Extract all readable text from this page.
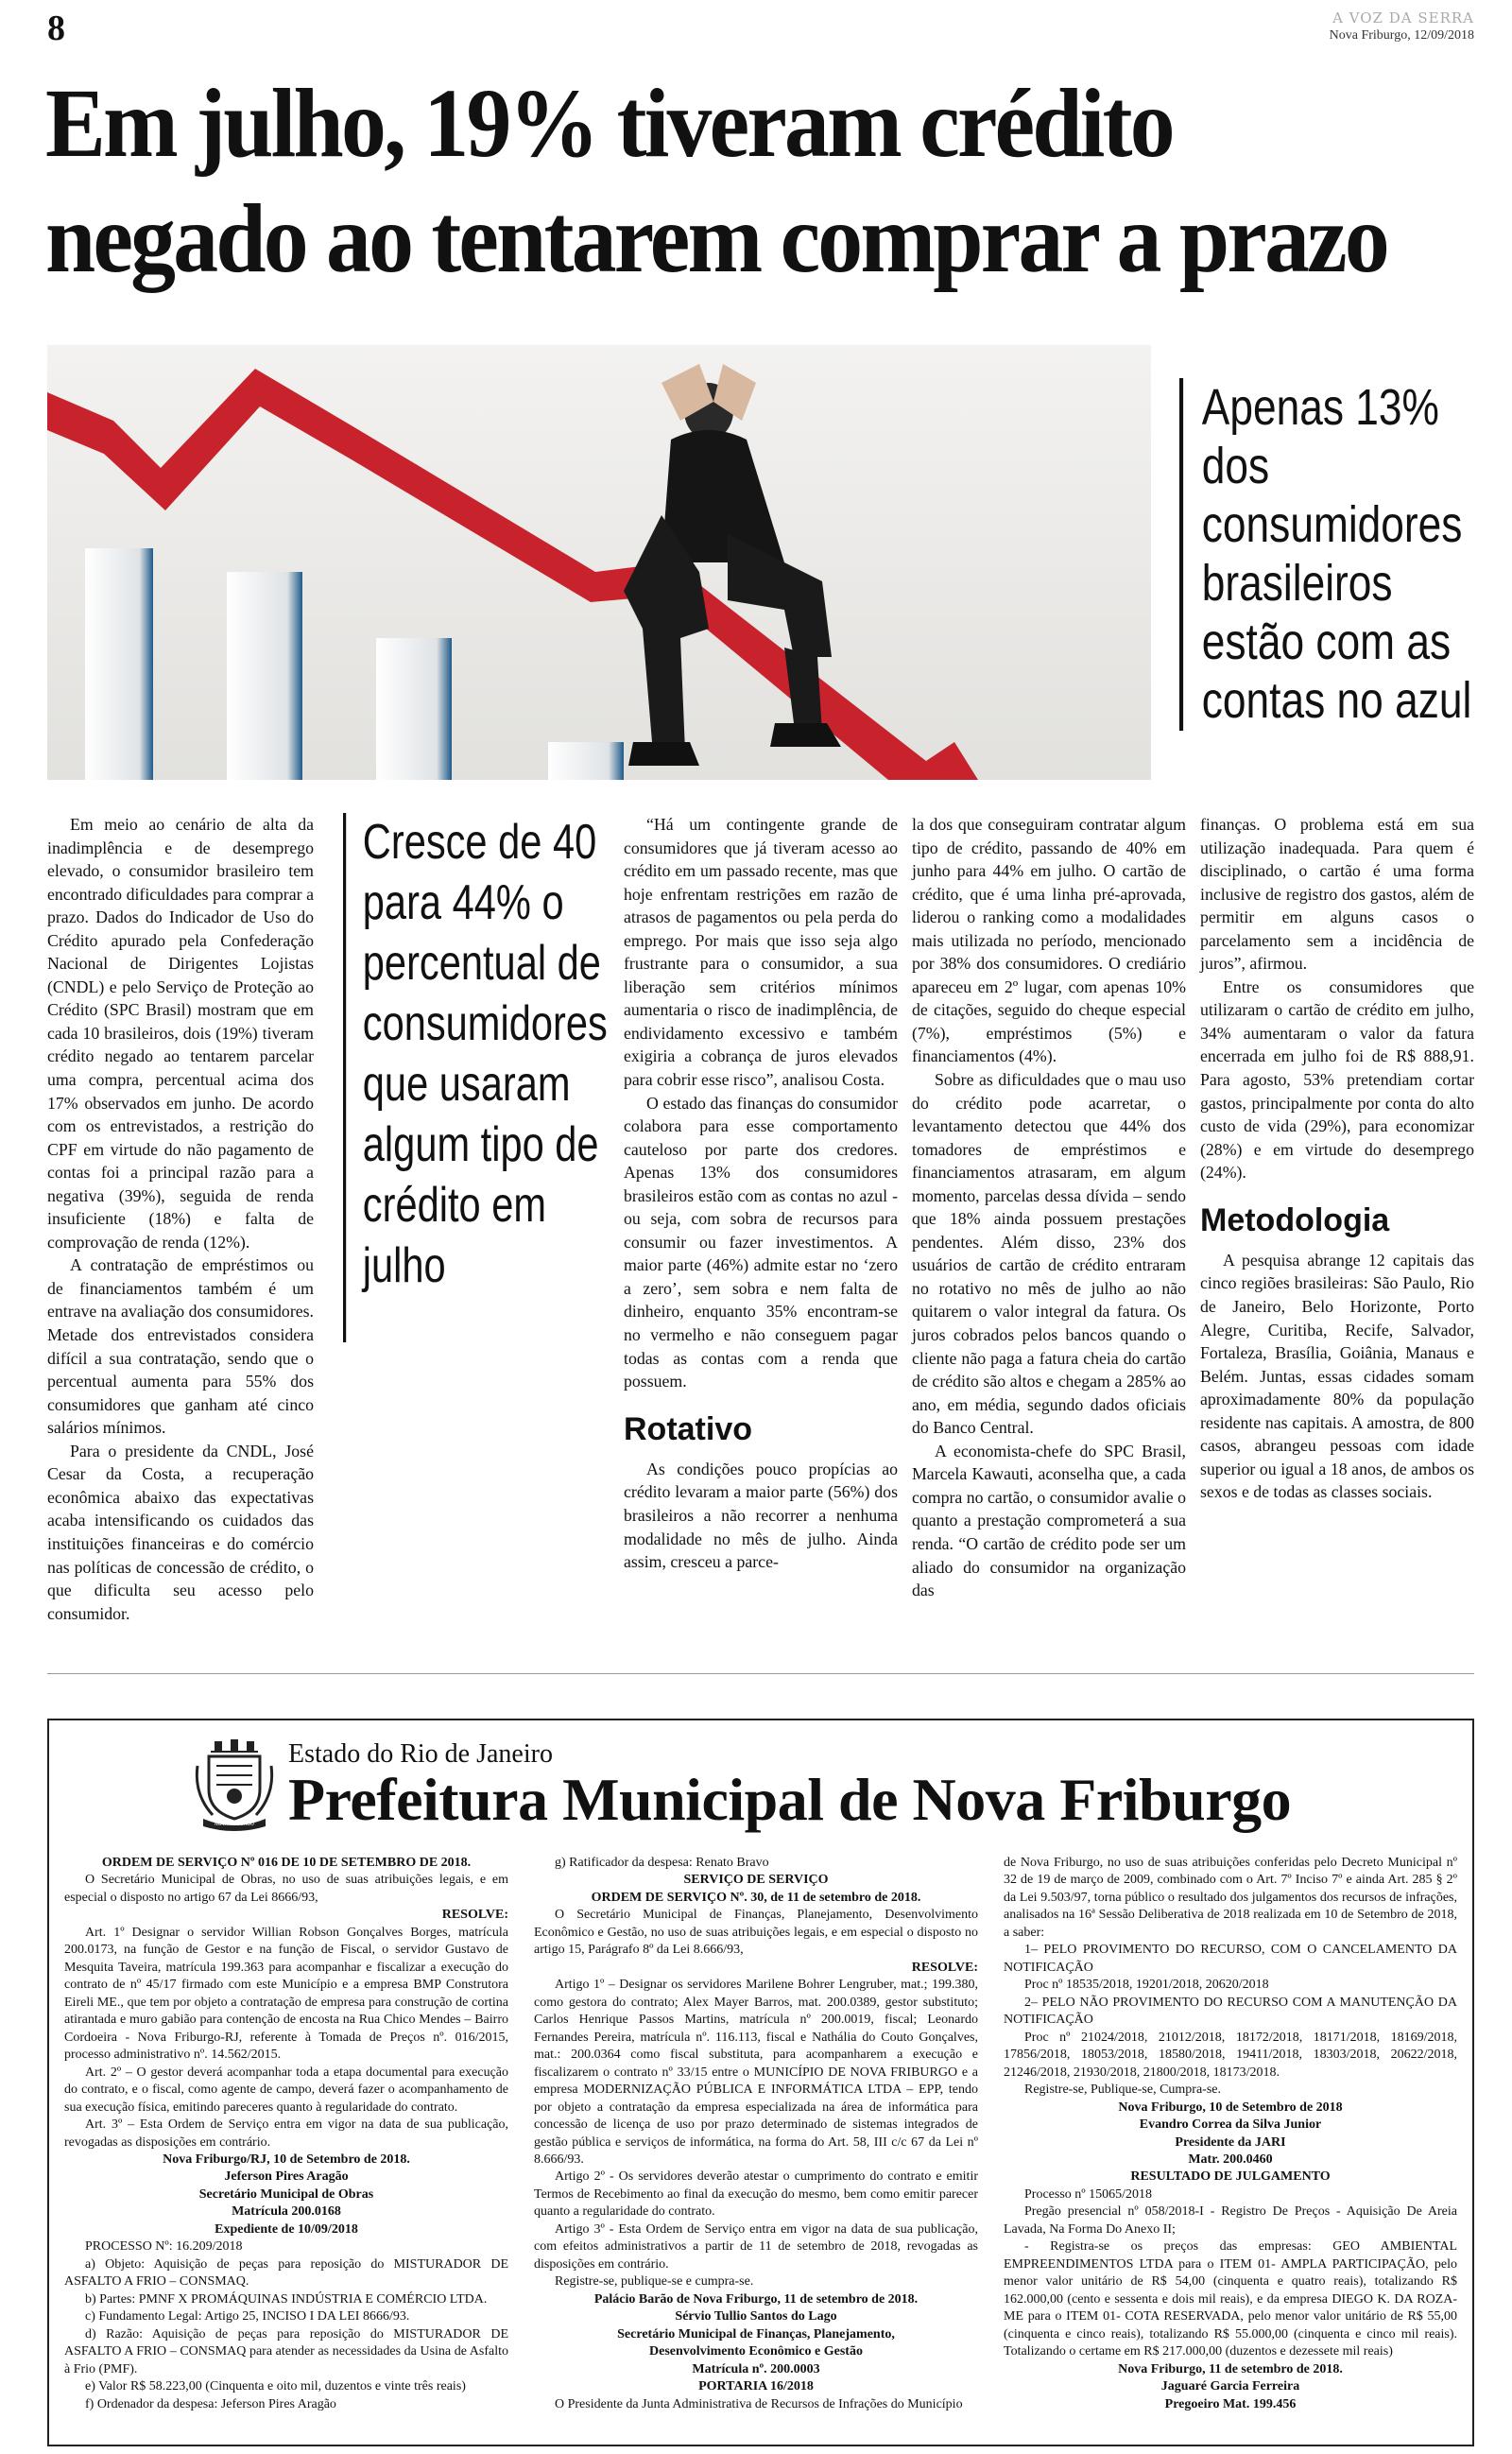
8	A VOZ DA SERRA
Nova Friburgo, 12/09/2018
Em julho, 19% tiveram crédito
negado ao tentarem comprar a prazo
Apenas 13% dos consumidores brasileiros estão com as contas no azul

Em meio ao cenário de alta da inadimplência e de desemprego elevado, o consumidor brasileiro tem encontrado dificuldades para comprar a prazo. Dados do Indicador de Uso do Crédito apurado pela Confederação Nacional de Dirigentes Lojistas (CNDL) e pelo Serviço de Proteção ao Crédito (SPC Brasil) mostram que em cada 10 brasileiros, dois (19%) tiveram crédito negado ao tentarem parcelar uma compra, percentual acima dos 17% observados em junho. De acordo com os entrevistados, a restrição do CPF em virtude do não pagamento de contas foi a principal razão para a negativa (39%), seguida de renda insuficiente (18%) e falta de comprovação de renda (12%).

A contratação de empréstimos ou de financiamentos também é um entrave na avaliação dos consumidores. Metade dos entrevistados considera difícil a sua contratação, sendo que o percentual aumenta para 55% dos consumidores que ganham até cinco salários mínimos.

Para o presidente da CNDL, José Cesar da Costa, a recuperação econômica abaixo das expectativas acaba intensificando os cuidados das instituições financeiras e do comércio nas políticas de concessão de crédito, o que dificulta seu acesso pelo consumidor.

Cresce de 40 para 44% o percentual de consumidores que usaram algum tipo de crédito em julho

“Há um contingente grande de consumidores que já tiveram acesso ao crédito em um passado recente, mas que hoje enfrentam restrições em razão de atrasos de pagamentos ou pela perda do emprego. Por mais que isso seja algo frustrante para o consumidor, a sua liberação sem critérios mínimos aumentaria o risco de inadimplência, de endividamento excessivo e também exigiria a cobrança de juros elevados para cobrir esse risco”, analisou Costa.

O estado das finanças do consumidor colabora para esse comportamento cauteloso por parte dos credores. Apenas 13% dos consumidores brasileiros estão com as contas no azul - ou seja, com sobra de recursos para consumir ou fazer investimentos. A maior parte (46%) admite estar no ‘zero a zero’, sem sobra e nem falta de dinheiro, enquanto 35% encontram-se no vermelho e não conseguem pagar todas as contas com a renda que possuem.

Rotativo

As condições pouco propícias ao crédito levaram a maior parte (56%) dos brasileiros a não recorrer a nenhuma modalidade no mês de julho. Ainda assim, cresceu a parce-

la dos que conseguiram contratar algum tipo de crédito, passando de 40% em junho para 44% em julho. O cartão de crédito, que é uma linha pré-aprovada, liderou o ranking como a modalidades mais utilizada no período, mencionado por 38% dos consumidores. O crediário apareceu em 2º lugar, com apenas 10% de citações, seguido do cheque especial (7%), empréstimos (5%) e financiamentos (4%).

Sobre as dificuldades que o mau uso do crédito pode acarretar, o levantamento detectou que 44% dos tomadores de empréstimos e financiamentos atrasaram, em algum momento, parcelas dessa dívida – sendo que 18% ainda possuem prestações pendentes. Além disso, 23% dos usuários de cartão de crédito entraram no rotativo no mês de julho ao não quitarem o valor integral da fatura. Os juros cobrados pelos bancos quando o cliente não paga a fatura cheia do cartão de crédito são altos e chegam a 285% ao ano, em média, segundo dados oficiais do Banco Central.

A economista-chefe do SPC Brasil, Marcela Kawauti, aconselha que, a cada compra no cartão, o consumidor avalie o quanto a prestação comprometerá a sua renda. “O cartão de crédito pode ser um aliado do consumidor na organização das

finanças. O problema está em sua utilização inadequada. Para quem é disciplinado, o cartão é uma forma inclusive de registro dos gastos, além de permitir em alguns casos o parcelamento sem a incidência de juros”, afirmou.

Entre os consumidores que utilizaram o cartão de crédito em julho, 34% aumentaram o valor da fatura encerrada em julho foi de R$ 888,91. Para agosto, 53% pretendiam cortar gastos, principalmente por conta do alto custo de vida (29%), para economizar (28%) e em virtude do desemprego (24%).

Metodologia

A pesquisa abrange 12 capitais das cinco regiões brasileiras: São Paulo, Rio de Janeiro, Belo Horizonte, Porto Alegre, Curitiba, Recife, Salvador, Fortaleza, Brasília, Goiânia, Manaus e Belém. Juntas, essas cidades somam aproximadamente 80% da população residente nas capitais. A amostra, de 800 casos, abrangeu pessoas com idade superior ou igual a 18 anos, de ambos os sexos e de todas as classes sociais.

NOVA FRIBURGO
Estado do Rio de Janeiro
Prefeitura Municipal de Nova Friburgo

ORDEM DE SERVIÇO Nº 016 DE 10 DE SETEMBRO DE 2018.

O Secretário Municipal de Obras, no uso de suas atribuições legais, e em especial o disposto no artigo 67 da Lei 8666/93,

RESOLVE:

Art. 1º Designar o servidor Willian Robson Gonçalves Borges, matrícula 200.0173, na função de Gestor e na função de Fiscal, o servidor Gustavo de Mesquita Taveira, matrícula 199.363 para acompanhar e fiscalizar a execução do contrato de nº 45/17 firmado com este Município e a empresa BMP Construtora Eireli ME., que tem por objeto a contratação de empresa para construção de cortina atirantada e muro gabião para contenção de encosta na Rua Chico Mendes – Bairro Cordoeira - Nova Friburgo-RJ, referente à Tomada de Preços nº. 016/2015, processo administrativo nº. 14.562/2015.

Art. 2º – O gestor deverá acompanhar toda a etapa documental para execução do contrato, e o fiscal, como agente de campo, deverá fazer o acompanhamento de sua execução física, emitindo pareceres quanto à regularidade do contrato.

Art. 3º – Esta Ordem de Serviço entra em vigor na data de sua publicação, revogadas as disposições em contrário.

Nova Friburgo/RJ, 10 de Setembro de 2018.

Jeferson Pires Aragão

Secretário Municipal de Obras

Matrícula 200.0168

Expediente de 10/09/2018

PROCESSO Nº: 16.209/2018

a) Objeto: Aquisição de peças para reposição do MISTURADOR DE ASFALTO A FRIO – CONSMAQ.

b) Partes: PMNF X PROMÁQUINAS INDÚSTRIA E COMÉRCIO LTDA.

c) Fundamento Legal: Artigo 25, INCISO I DA LEI 8666/93.

d) Razão: Aquisição de peças para reposição do MISTURADOR DE ASFALTO A FRIO – CONSMAQ para atender as necessidades da Usina de Asfalto à Frio (PMF).

e) Valor R$ 58.223,00 (Cinquenta e oito mil, duzentos e vinte três reais)

f) Ordenador da despesa: Jeferson Pires Aragão

g) Ratificador da despesa: Renato Bravo

SERVIÇO DE SERVIÇO

ORDEM DE SERVIÇO Nº. 30, de 11 de setembro de 2018.

O Secretário Municipal de Finanças, Planejamento, Desenvolvimento Econômico e Gestão, no uso de suas atribuições legais, e em especial o disposto no artigo 15, Parágrafo 8º da Lei 8.666/93,

RESOLVE:

Artigo 1º – Designar os servidores Marilene Bohrer Lengruber, mat.; 199.380, como gestora do contrato; Alex Mayer Barros, mat. 200.0389, gestor substituto; Carlos Henrique Passos Martins, matrícula nº 200.0019, fiscal; Leonardo Fernandes Pereira, matrícula nº. 116.113, fiscal e Nathália do Couto Gonçalves, mat.: 200.0364 como fiscal substituta, para acompanharem a execução e fiscalizarem o contrato nº 33/15 entre o MUNICÍPIO DE NOVA FRIBURGO e a empresa MODERNIZAÇÃO PÚBLICA E INFORMÁTICA LTDA – EPP, tendo por objeto a contratação da empresa especializada na área de informática para concessão de licença de uso por prazo determinado de sistemas integrados de gestão pública e serviços de informática, na forma do Art. 58, III c/c 67 da Lei nº 8.666/93.

Artigo 2º - Os servidores deverão atestar o cumprimento do contrato e emitir Termos de Recebimento ao final da execução do mesmo, bem como emitir parecer quanto a regularidade do contrato.

Artigo 3º - Esta Ordem de Serviço entra em vigor na data de sua publicação, com efeitos administrativos a partir de 11 de setembro de 2018, revogadas as disposições em contrário.

Registre-se, publique-se e cumpra-se.

Palácio Barão de Nova Friburgo, 11 de setembro de 2018.

Sérvio Tullio Santos do Lago

Secretário Municipal de Finanças, Planejamento,

Desenvolvimento Econômico e Gestão

Matrícula nº. 200.0003

PORTARIA 16/2018

O Presidente da Junta Administrativa de Recursos de Infrações do Município

de Nova Friburgo, no uso de suas atribuições conferidas pelo Decreto Municipal nº 32 de 19 de março de 2009, combinado com o Art. 7º Inciso 7º e ainda Art. 285 § 2º da Lei 9.503/97, torna público o resultado dos julgamentos dos recursos de infrações, analisados na 16ª Sessão Deliberativa de 2018 realizada em 10 de Setembro de 2018, a saber:

1– PELO PROVIMENTO DO RECURSO, COM O CANCELAMENTO DA NOTIFICAÇÃO

Proc nº 18535/2018, 19201/2018, 20620/2018

2– PELO NÃO PROVIMENTO DO RECURSO COM A MANUTENÇÃO DA NOTIFICAÇÃO

Proc nº 21024/2018, 21012/2018, 18172/2018, 18171/2018, 18169/2018, 17856/2018, 18053/2018, 18580/2018, 19411/2018, 18303/2018, 20622/2018, 21246/2018, 21930/2018, 21800/2018, 18173/2018.

Registre-se, Publique-se, Cumpra-se.

Nova Friburgo, 10 de Setembro de 2018

Evandro Correa da Silva Junior

Presidente da JARI

Matr. 200.0460

RESULTADO DE JULGAMENTO

Processo nº 15065/2018

Pregão presencial nº 058/2018-I - Registro De Preços - Aquisição De Areia Lavada, Na Forma Do Anexo II;

- Registra-se os preços das empresas: GEO AMBIENTAL EMPREENDIMENTOS LTDA para o ITEM 01- AMPLA PARTICIPAÇÃO, pelo menor valor unitário de R$ 54,00 (cinquenta e quatro reais), totalizando R$ 162.000,00 (cento e sessenta e dois mil reais), e da empresa DIEGO K. DA ROZA-ME para o ITEM 01- COTA RESERVADA, pelo menor valor unitário de R$ 55,00 (cinquenta e cinco reais), totalizando R$ 55.000,00 (cinquenta e cinco mil reais). Totalizando o certame em R$ 217.000,00 (duzentos e dezessete mil reais)

Nova Friburgo, 11 de setembro de 2018.

Jaguaré Garcia Ferreira

Pregoeiro Mat. 199.456
